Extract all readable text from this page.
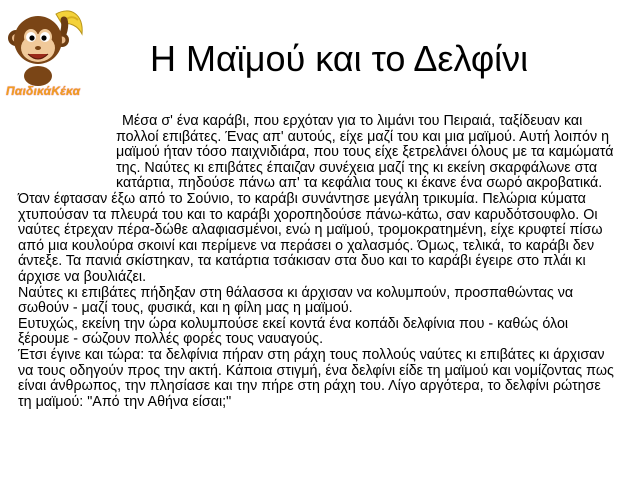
ΠαιδικάΚέκα
Η Μαϊμού και το Δελφίνι

Μέσα σ' ένα καράβι, που ερχόταν για το λιμάνι του Πειραιά, ταξίδευαν και πολλοί επιβάτες. Ένας απ' αυτούς, είχε μαζί του και μια μαϊμού. Αυτή λοιπόν η μαϊμού ήταν τόσο παιχνιδιάρα, που τους είχε ξετρελάνει όλους με τα καμώματά της. Ναύτες κι επιβάτες έπαιζαν συνέχεια μαζί της κι εκείνη σκαρφάλωνε στα κατάρτια, πηδούσε πάνω απ' τα κεφάλια τους κι έκανε ένα σωρό ακροβατικά.

Όταν έφτασαν έξω από το Σούνιο, το καράβι συνάντησε μεγάλη τρικυμία. Πελώρια κύματα χτυπούσαν τα πλευρά του και το καράβι χοροπηδούσε πάνω-κάτω, σαν καρυδότσουφλο. Οι ναύτες έτρεχαν πέρα-δώθε αλαφιασμένοι, ενώ η μαϊμού, τρομοκρατημένη, είχε κρυφτεί πίσω από μια κουλούρα σκοινί και περίμενε να περάσει ο χαλασμός. Όμως, τελικά, το καράβι δεν άντεξε. Τα πανιά σκίστηκαν, τα κατάρτια τσάκισαν στα δυο και το καράβι έγειρε στο πλάι κι άρχισε να βουλιάζει.

Ναύτες κι επιβάτες πήδηξαν στη θάλασσα κι άρχισαν να κολυμπούν, προσπαθώντας να σωθούν - μαζί τους, φυσικά, και η φίλη μας η μαϊμού.

Ευτυχώς, εκείνη την ώρα κολυμπούσε εκεί κοντά ένα κοπάδι δελφίνια που - καθώς όλοι ξέρουμε - σώζουν πολλές φορές τους ναυαγούς.

Έτσι έγινε και τώρα: τα δελφίνια πήραν στη ράχη τους πολλούς ναύτες κι επιβάτες κι άρχισαν να τους οδηγούν προς την ακτή. Κάποια στιγμή, ένα δελφίνι είδε τη μαϊμού και νομίζοντας πως είναι άνθρωπος, την πλησίασε και την πήρε στη ράχη του. Λίγο αργότερα, το δελφίνι ρώτησε τη μαϊμού: "Από την Αθήνα είσαι;"
